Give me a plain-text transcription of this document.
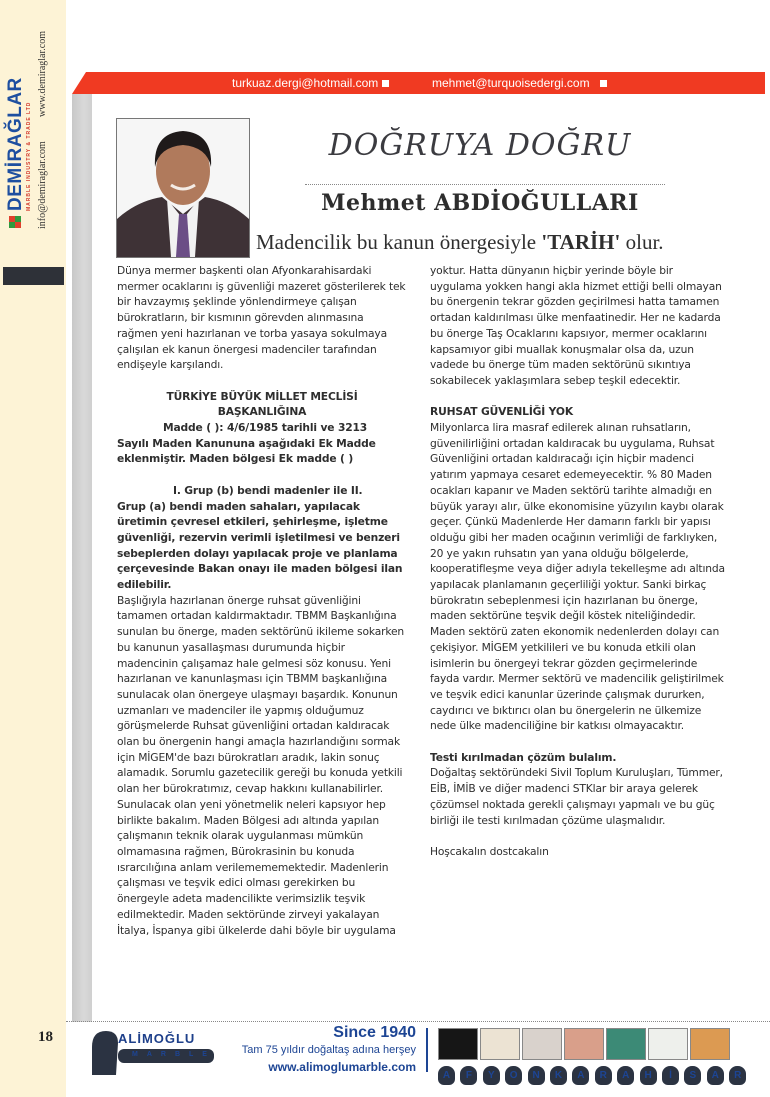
DEMİRAĞLAR MARBLE INDUSTRY & TRADE LTD info@demiraglar.com
www.demiraglar.com	turkuaz.dergi@hotmail.com	mehmet@turquoisedergi.com
DOĞRUYA DOĞRU
Mehmet ABDİOĞULLARI
Madencilik bu kanun önergesiyle 'TARİH' olur.

Dünya mermer başkenti olan Afyonkarahisardaki mermer ocaklarını iş güvenliği mazeret gösterilerek tek bir havzaymış şeklinde yönlendirmeye çalışan bürokratların, bir kısmının görevden alınmasına rağmen yeni hazırlanan ve torba yasaya sokulmaya çalışılan ek kanun önergesi madenciler tarafından endişeyle karşılandı.

TÜRKİYE BÜYÜK MİLLET MECLİSİ

BAŞKANLIĞINA

Madde ( ): 4/6/1985 tarihli ve 3213

Sayılı Maden Kanununa aşağıdaki Ek Madde eklenmiştir. Maden bölgesi Ek madde ( )

I. Grup (b) bendi madenler ile II.

Grup (a) bendi maden sahaları, yapılacak üretimin çevresel etkileri, şehirleşme, işletme güvenliği, rezervin verimli işletilmesi ve benzeri sebeplerden dolayı yapılacak proje ve planlama çerçevesinde Bakan onayı ile maden bölgesi ilan edilebilir.

Başlığıyla hazırlanan önerge ruhsat güvenliğini tamamen ortadan kaldırmaktadır. TBMM Başkanlığına sunulan bu önerge, maden sektörünü ikileme sokarken bu kanunun yasallaşması durumunda hiçbir madencinin çalışamaz hale gelmesi söz konusu. Yeni hazırlanan ve kanunlaşması için TBMM başkanlığına sunulacak olan önergeye ulaşmayı başardık. Konunun uzmanları ve madenciler ile yapmış olduğumuz görüşmelerde Ruhsat güvenliğini ortadan kaldıracak olan bu önergenin hangi amaçla hazırlandığını sormak için MİGEM'de bazı bürokratları aradık, lakin sonuç alamadık. Sorumlu gazetecilik gereği bu konuda yetkili olan her bürokratımız, cevap hakkını kullanabilirler. Sunulacak olan yeni yönetmelik neleri kapsıyor hep birlikte bakalım. Maden Bölgesi adı altında yapılan çalışmanın teknik olarak uygulanması mümkün olmamasına rağmen, Bürokrasinin bu konuda ısrarcılığına anlam verilemememektedir. Madenlerin çalışması ve teşvik edici olması gerekirken bu önergeyle adeta madencilikte verimsizlik teşvik edilmektedir. Maden sektöründe zirveyi yakalayan İtalya, İspanya gibi ülkelerde dahi böyle bir uygulama

yoktur. Hatta dünyanın hiçbir yerinde böyle bir uygulama yokken hangi akla hizmet ettiği belli olmayan bu önergenin tekrar gözden geçirilmesi hatta tamamen ortadan kaldırılması ülke menfaatinedir. Her ne kadarda bu önerge Taş Ocaklarını kapsıyor, mermer ocaklarını kapsamıyor gibi muallak konuşmalar olsa da, uzun vadede bu önerge tüm maden sektörünü sıkıntıya sokabilecek yaklaşımlara sebep teşkil edecektir.

RUHSAT GÜVENLİĞİ YOK

Milyonlarca lira masraf edilerek alınan ruhsatların, güvenilirliğini ortadan kaldıracak bu uygulama, Ruhsat Güvenliğini ortadan kaldıracağı için hiçbir madenci yatırım yapmaya cesaret edemeyecektir. % 80 Maden ocakları kapanır ve Maden sektörü tarihte almadığı en büyük yarayı alır, ülke ekonomisine yüzyılın kaybı olarak geçer. Çünkü Madenlerde Her damarın farklı bir yapısı olduğu gibi her maden ocağının verimliği de farklıyken, 20 ye yakın ruhsatın yan yana olduğu bölgelerde, kooperatifleşme veya diğer adıyla tekelleşme adı altında yapılacak planlamanın geçerliliği yoktur. Sanki birkaç bürokratın sebeplenmesi için hazırlanan bu önerge, maden sektörüne teşvik değil köstek niteliğindedir. Maden sektörü zaten ekonomik nedenlerden dolayı can çekişiyor. MİGEM yetkilileri ve bu konuda etkili olan isimlerin bu önergeyi tekrar gözden geçirmelerinde fayda vardır. Mermer sektörü ve madencilik geliştirilmek ve teşvik edici kanunlar üzerinde çalışmak dururken, caydırıcı ve bıktırıcı olan bu önergelerin ne ülkemize nede ülke madenciliğine bir katkısı olmayacaktır.

Testi kırılmadan çözüm bulalım.

Doğaltaş sektöründeki Sivil Toplum Kuruluşları, Tümmer, EİB, İMİB ve diğer madenci STKlar bir araya gelerek çözümsel noktada gerekli çalışmayı yapmalı ve bu güç birliği ile testi kırılmadan çözüme ulaşmalıdır.

Hoşcakalın dostcakalın

18	ALİMOĞLU
MARBLE
Since 1940
Tam 75 yıldır doğaltaş adına herşey
www.alimoglumarble.com
A	F	Y	O	N	K	A	R	A	H	İ	S	A	R
